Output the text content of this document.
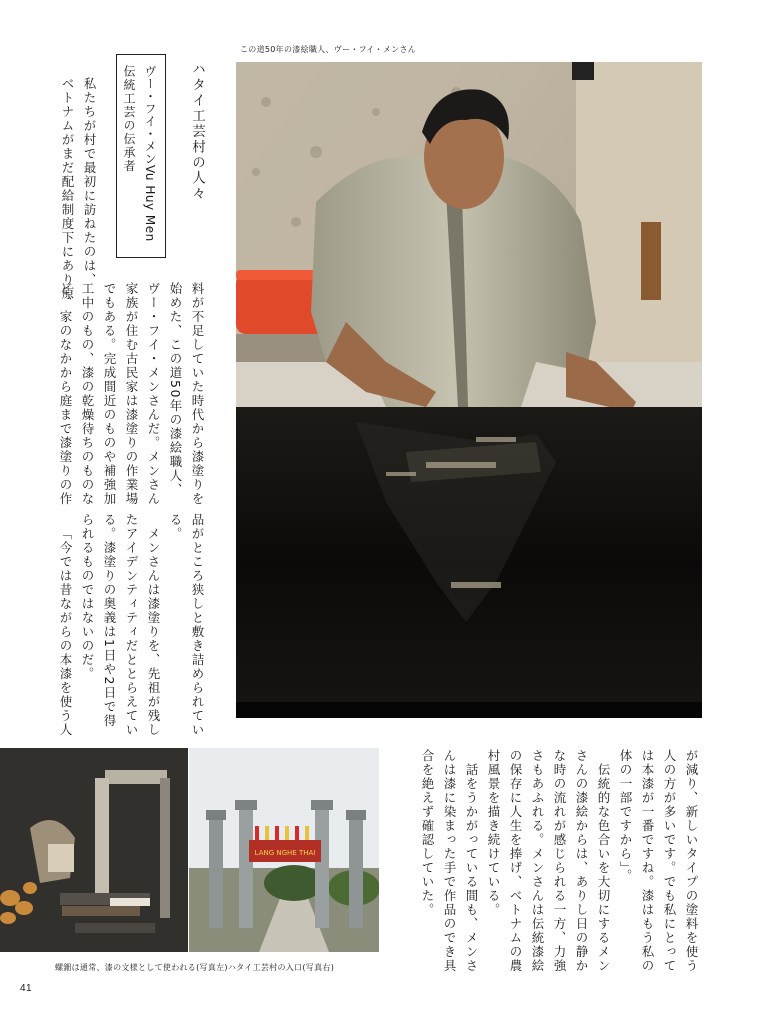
この道50年の漆絵職人、ヴー・フイ・メンさん
ハタイ工芸村の人々
伝統工芸の伝承者 ヴー・フイ・メンVu Huy Men
私たちが村で最初に訪ねたのは、
ベトナムがまだ配給制度下にあり原
料が不足していた時代から漆塗りを
始めた、この道50年の漆絵職人、
ヴー・フイ・メンさんだ。メンさん
家族が住む古民家は漆塗りの作業場
でもある。完成間近のものや補強加
工中のもの、漆の乾燥待ちのものな
ど、家のなかから庭まで漆塗りの作
品がところ狭しと敷き詰められてい
る。
メンさんは漆塗りを、先祖が残し
たアイデンティティだととらえてい
る。漆塗りの奥義は1日や2日で得
られるものではないのだ。
「今では昔ながらの本漆を使う人
が減り、新しいタイプの塗料を使う
人の方が多いです。でも私にとって
は本漆が一番ですね。漆はもう私の
体の一部ですから」。
伝統的な色合いを大切にするメン
さんの漆絵からは、ありし日の静か
な時の流れが感じられる一方、力強
さもあふれる。メンさんは伝統漆絵
の保存に人生を捧げ、ベトナムの農
村風景を描き続けている。
話をうかがっている間も、メンさ
んは漆に染まった手で作品のでき具
合を絶えず確認していた。
LANG NGHE THAI
螺鈿は通常、漆の文様として使われる(写真左)ハタイ工芸村の入口(写真右)
41
